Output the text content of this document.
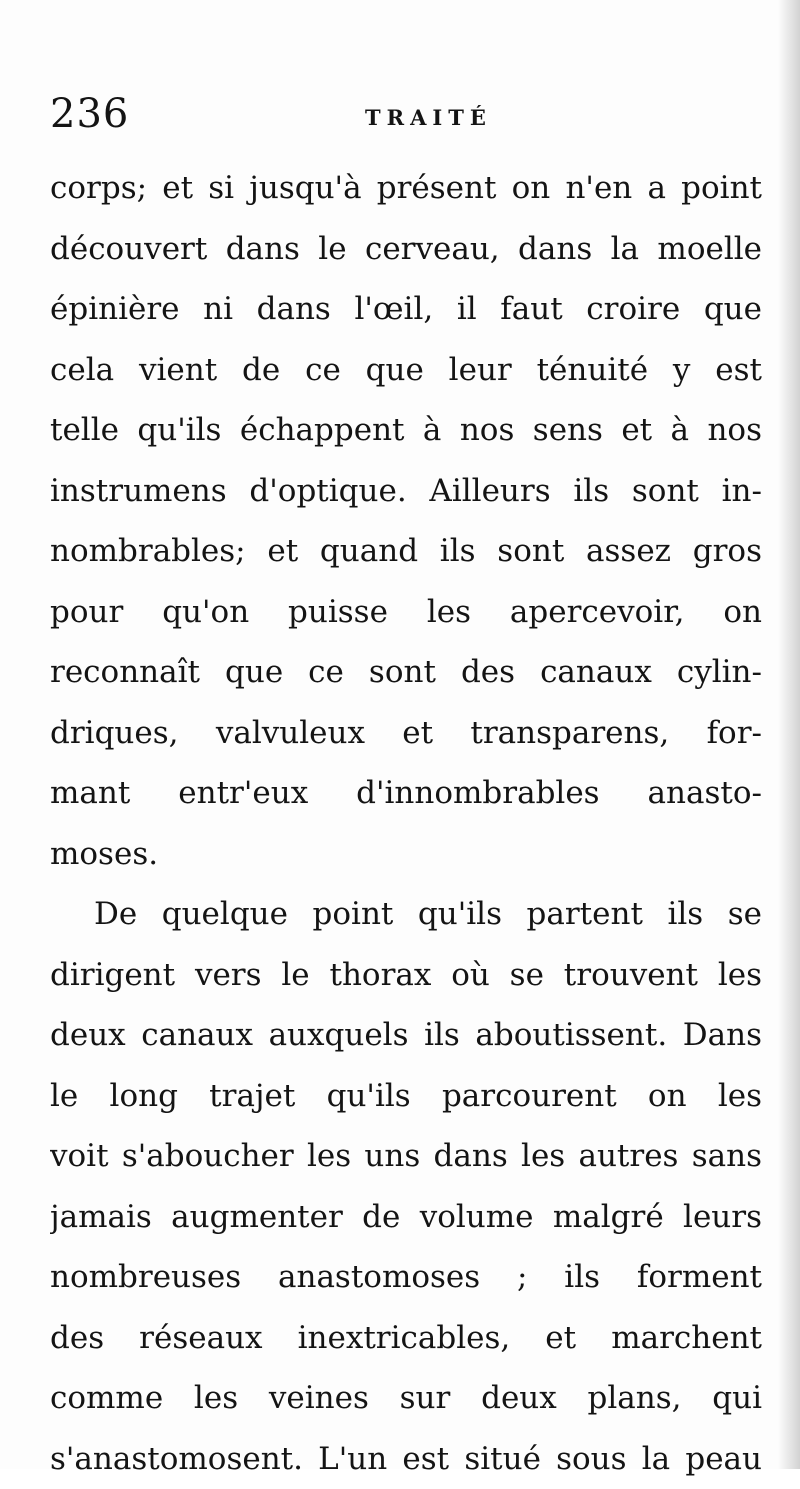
236	TRAITÉ
corps; et si jusqu'à présent on n'en a point
découvert dans le cerveau, dans la moelle
épinière ni dans l'œil, il faut croire que
cela vient de ce que leur ténuité y est
telle qu'ils échappent à nos sens et à nos
instrumens d'optique. Ailleurs ils sont in-
nombrables; et quand ils sont assez gros
pour qu'on puisse les apercevoir, on
reconnaît que ce sont des canaux cylin-
driques, valvuleux et transparens, for-
mant entr'eux d'innombrables anasto-
moses.
De quelque point qu'ils partent ils se
dirigent vers le thorax où se trouvent les
deux canaux auxquels ils aboutissent. Dans
le long trajet qu'ils parcourent on les
voit s'aboucher les uns dans les autres sans
jamais augmenter de volume malgré leurs
nombreuses anastomoses ; ils forment
des réseaux inextricables, et marchent
comme les veines sur deux plans, qui
s'anastomosent. L'un est situé sous la peau
